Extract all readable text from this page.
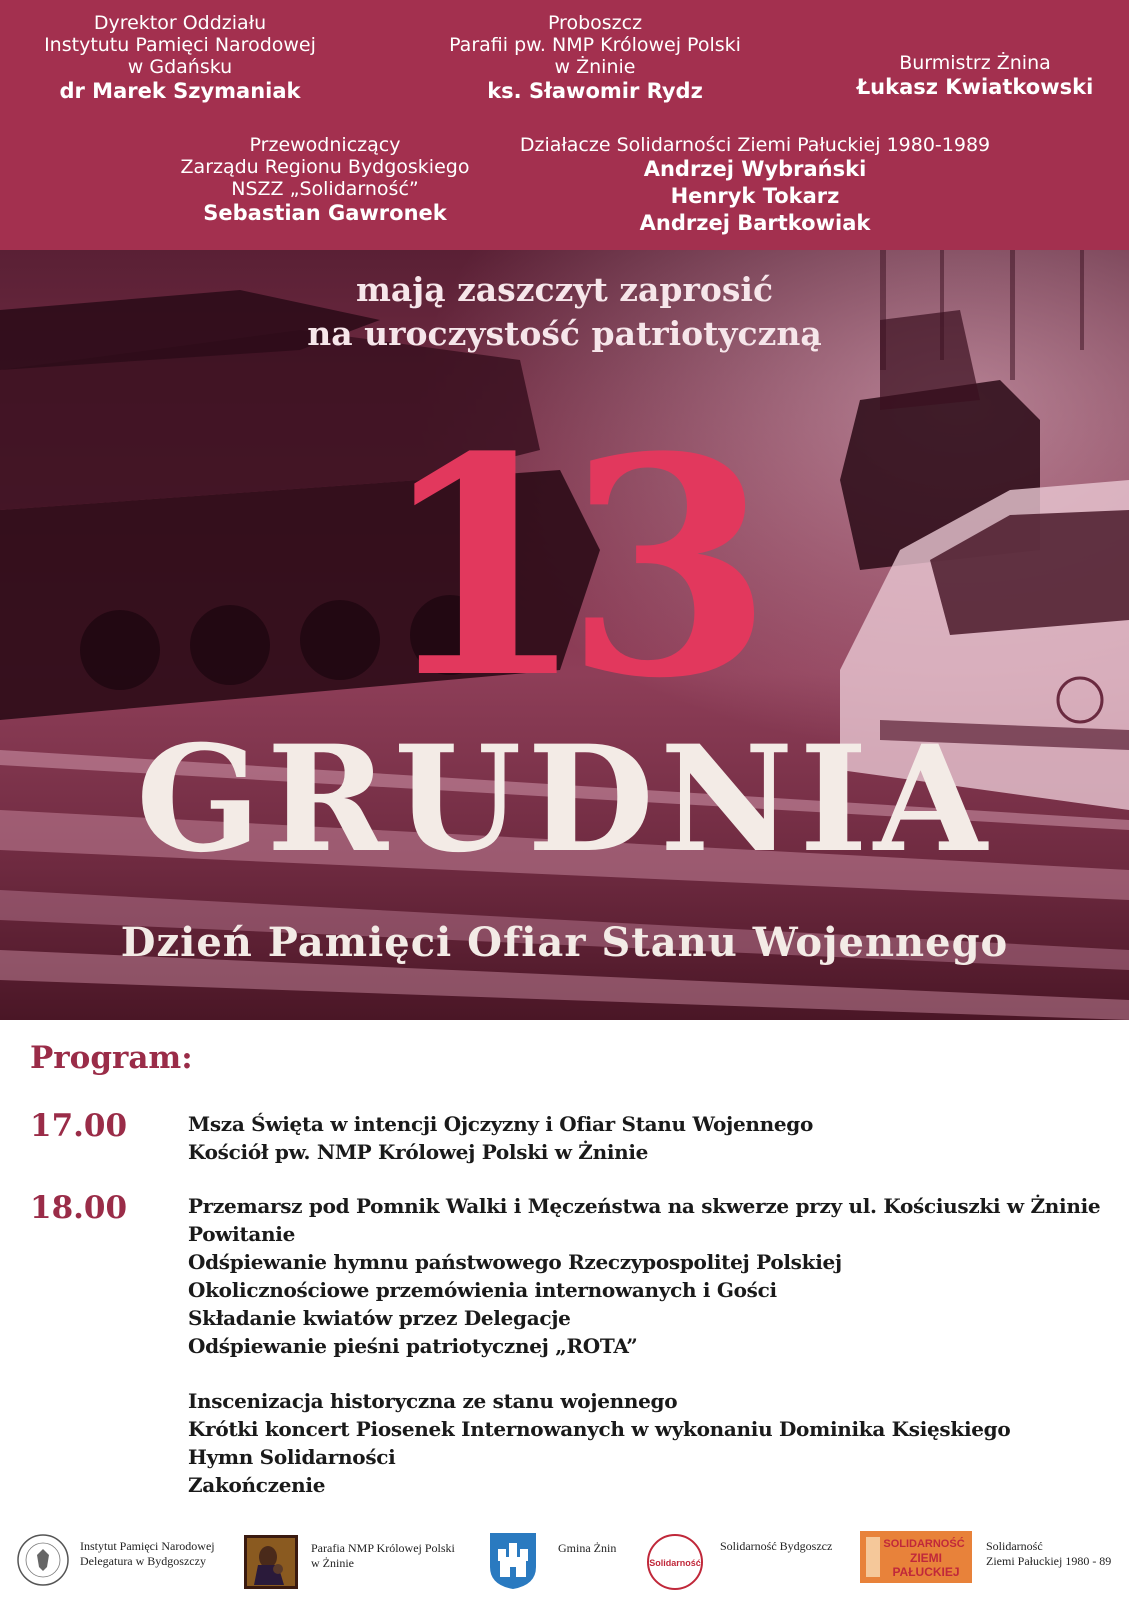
Dyrektor Oddziału
Instytutu Pamięci Narodowej
w Gdańsku
dr Marek Szymaniak
Proboszcz
Parafii pw. NMP Królowej Polski
w Żninie
ks. Sławomir Rydz
Burmistrz Żnina
Łukasz Kwiatkowski
Przewodniczący
Zarządu Regionu Bydgoskiego
NSZZ „Solidarność”
Sebastian Gawronek
Działacze Solidarności Ziemi Pałuckiej 1980-1989
Andrzej Wybrański
Henryk Tokarz
Andrzej Bartkowiak
mają zaszczyt zaprosić
na uroczystość patriotyczną
13
GRUDNIA
Dzień Pamięci Ofiar Stanu Wojennego
Program:
17.00	Msza Święta w intencji Ojczyzny i Ofiar Stanu Wojennego
Kościół pw. NMP Królowej Polski w Żninie
18.00	Przemarsz pod Pomnik Walki i Męczeństwa na skwerze przy ul. Kościuszki w Żninie
Powitanie
Odśpiewanie hymnu państwowego Rzeczypospolitej Polskiej
Okolicznościowe przemówienia internowanych i Gości
Składanie kwiatów przez Delegacje
Odśpiewanie pieśni patriotycznej „ROTA”
Inscenizacja historyczna ze stanu wojennego
Krótki koncert Piosenek Internowanych w wykonaniu Dominika Księskiego
Hymn Solidarności
Zakończenie
Instytut Pamięci Narodowej
Delegatura w Bydgoszczy
Parafia NMP Królowej Polski
w Żninie
Gmina Żnin
Solidarność
Solidarność Bydgoszcz	SOLIDARNOŚĆ
ZIEMI
PAŁUCKIEJ
Solidarność
Ziemi Pałuckiej 1980 - 89
